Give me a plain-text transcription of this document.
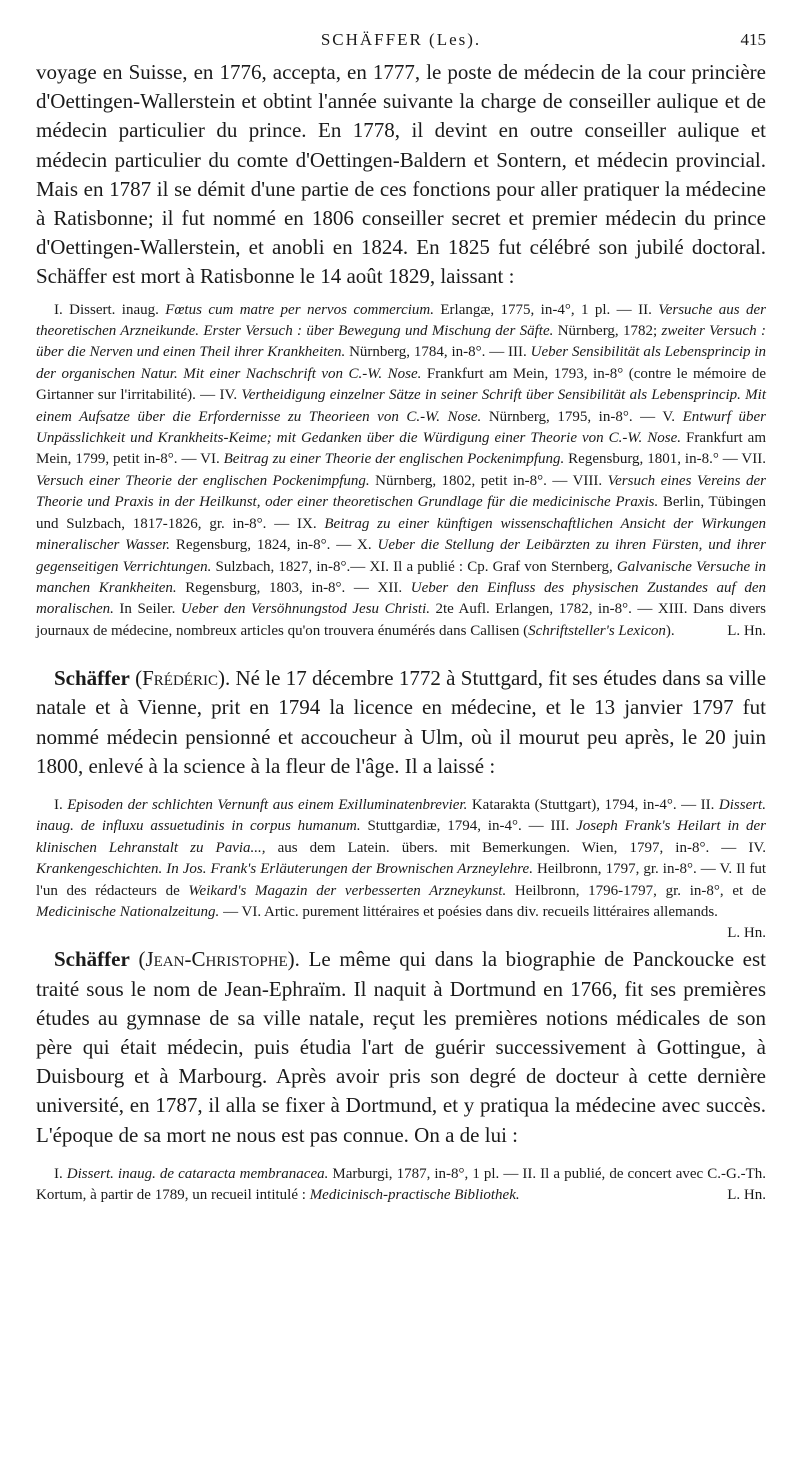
SCHÄFFER (Les).	415

voyage en Suisse, en 1776, accepta, en 1777, le poste de médecin de la cour princière d'Oettingen-Wallerstein et obtint l'année suivante la charge de conseiller aulique et de médecin particulier du prince. En 1778, il devint en outre conseiller aulique et médecin particulier du comte d'Oettingen-Baldern et Sontern, et médecin provincial. Mais en 1787 il se démit d'une partie de ces fonctions pour aller pratiquer la médecine à Ratisbonne; il fut nommé en 1806 conseiller secret et premier médecin du prince d'Oettingen-Wallerstein, et anobli en 1824. En 1825 fut célébré son jubilé doctoral. Schäffer est mort à Ratisbonne le 14 août 1829, laissant :

I. Dissert. inaug. Fœtus cum matre per nervos commercium. Erlangæ, 1775, in-4°, 1 pl. — II. Versuche aus der theoretischen Arzneikunde. Erster Versuch : über Bewegung und Mischung der Säfte. Nürnberg, 1782; zweiter Versuch : über die Nerven und einen Theil ihrer Krankheiten. Nürnberg, 1784, in-8°. — III. Ueber Sensibilität als Lebensprincip in der organischen Natur. Mit einer Nachschrift von C.-W. Nose. Frankfurt am Mein, 1793, in-8° (contre le mémoire de Girtanner sur l'irritabilité). — IV. Vertheidigung einzelner Sätze in seiner Schrift über Sensibilität als Lebensprincip. Mit einem Aufsatze über die Erfordernisse zu Theorieen von C.-W. Nose. Nürnberg, 1795, in-8°. — V. Entwurf über Unpässlichkeit und Krankheits-Keime; mit Gedanken über die Würdigung einer Theorie von C.-W. Nose. Frankfurt am Mein, 1799, petit in-8°. — VI. Beitrag zu einer Theorie der englischen Pockenimpfung. Regensburg, 1801, in-8.° — VII. Versuch einer Theorie der englischen Pockenimpfung. Nürnberg, 1802, petit in-8°. — VIII. Versuch eines Vereins der Theorie und Praxis in der Heilkunst, oder einer theoretischen Grundlage für die medicinische Praxis. Berlin, Tübingen und Sulzbach, 1817-1826, gr. in-8°. — IX. Beitrag zu einer künftigen wissenschaftlichen Ansicht der Wirkungen mineralischer Wasser. Regensburg, 1824, in-8°. — X. Ueber die Stellung der Leibärzten zu ihren Fürsten, und ihrer gegenseitigen Verrichtungen. Sulzbach, 1827, in-8°.— XI. Il a publié : Cp. Graf von Sternberg, Galvanische Versuche in manchen Krankheiten. Regensburg, 1803, in-8°. — XII. Ueber den Einfluss des physischen Zustandes auf den moralischen. In Seiler. Ueber den Versöhnungstod Jesu Christi. 2te Aufl. Erlangen, 1782, in-8°. — XIII. Dans divers journaux de médecine, nombreux articles qu'on trouvera énumérés dans Callisen (Schriftsteller's Lexicon).	L. Hn.

Schäffer (Frédéric). Né le 17 décembre 1772 à Stuttgard, fit ses études dans sa ville natale et à Vienne, prit en 1794 la licence en médecine, et le 13 janvier 1797 fut nommé médecin pensionné et accoucheur à Ulm, où il mourut peu après, le 20 juin 1800, enlevé à la science à la fleur de l'âge. Il a laissé :

I. Episoden der schlichten Vernunft aus einem Exilluminatenbrevier. Katarakta (Stuttgart), 1794, in-4°. — II. Dissert. inaug. de influxu assuetudinis in corpus humanum. Stuttgardiæ, 1794, in-4°. — III. Joseph Frank's Heilart in der klinischen Lehranstalt zu Pavia..., aus dem Latein. übers. mit Bemerkungen. Wien, 1797, in-8°. — IV. Krankengeschichten. In Jos. Frank's Erläuterungen der Brownischen Arzneylehre. Heilbronn, 1797, gr. in-8°. — V. Il fut l'un des rédacteurs de Weikard's Magazin der verbesserten Arzneykunst. Heilbronn, 1796-1797, gr. in-8°, et de Medicinische Nationalzeitung. — VI. Artic. purement littéraires et poésies dans div. recueils littéraires allemands.
L. Hn.

Schäffer (Jean-Christophe). Le même qui dans la biographie de Panckoucke est traité sous le nom de Jean-Ephraïm. Il naquit à Dortmund en 1766, fit ses premières études au gymnase de sa ville natale, reçut les premières notions médicales de son père qui était médecin, puis étudia l'art de guérir successivement à Gottingue, à Duisbourg et à Marbourg. Après avoir pris son degré de docteur à cette dernière université, en 1787, il alla se fixer à Dortmund, et y pratiqua la médecine avec succès. L'époque de sa mort ne nous est pas connue. On a de lui :

I. Dissert. inaug. de cataracta membranacea. Marburgi, 1787, in-8°, 1 pl. — II. Il a publié, de concert avec C.-G.-Th. Kortum, à partir de 1789, un recueil intitulé : Medicinisch-practische Bibliothek.	L. Hn.
